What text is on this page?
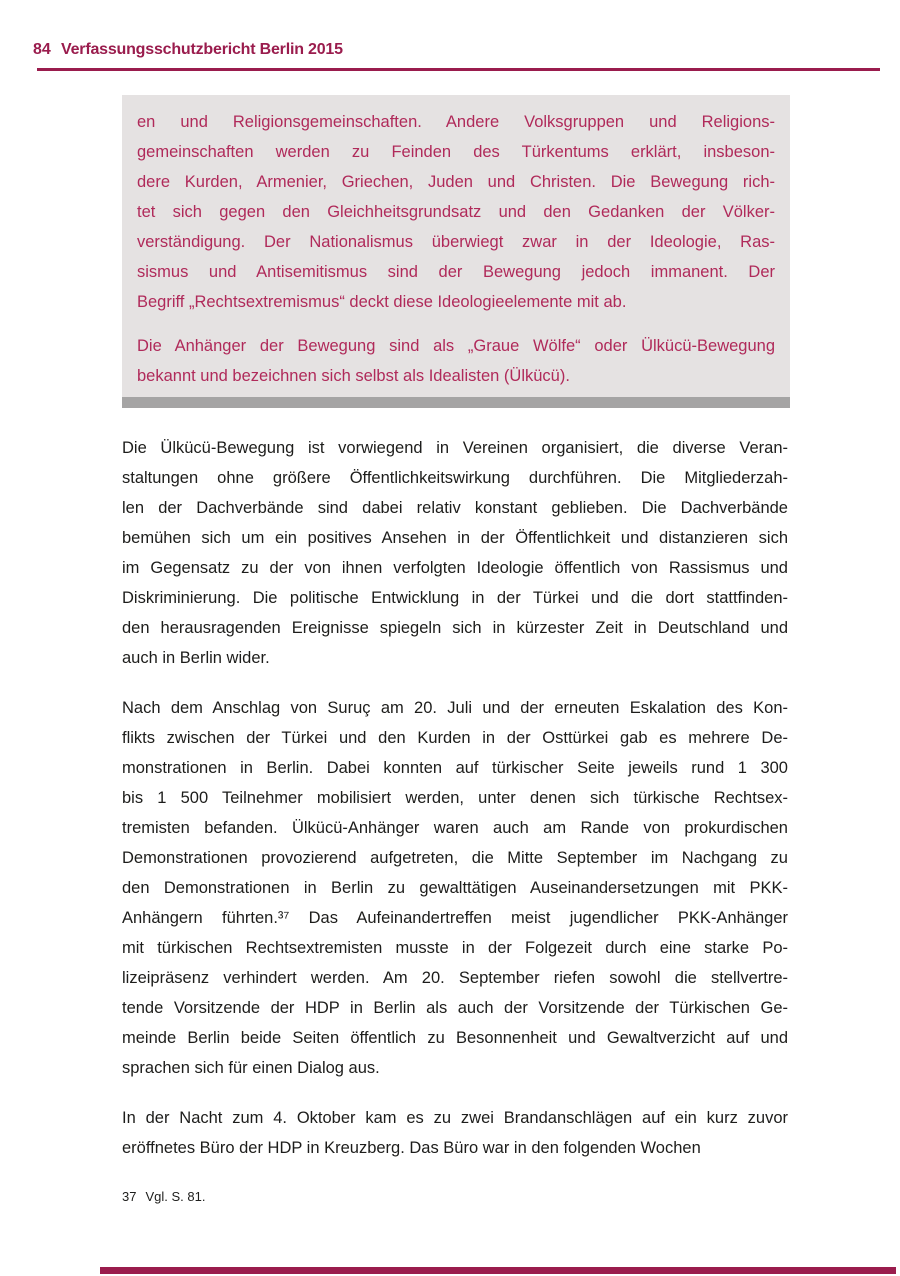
84 Verfassungsschutzbericht Berlin 2015
en und Religionsgemeinschaften. Andere Volksgruppen und Religions-
gemeinschaften werden zu Feinden des Türkentums erklärt, insbeson-
dere Kurden, Armenier, Griechen, Juden und Christen. Die Bewegung rich-
tet sich gegen den Gleichheitsgrundsatz und den Gedanken der Völker-
verständigung. Der Nationalismus überwiegt zwar in der Ideologie, Ras-
sismus und Antisemitismus sind der Bewegung jedoch immanent. Der
Begriff „Rechtsextremismus“ deckt diese Ideologieelemente mit ab.
Die Anhänger der Bewegung sind als „Graue Wölfe“ oder Ülkücü-Bewegung
bekannt und bezeichnen sich selbst als Idealisten (Ülkücü).
Die Ülkücü-Bewegung ist vorwiegend in Vereinen organisiert, die diverse Veran-
staltungen ohne größere Öffentlichkeitswirkung durchführen. Die Mitgliederzah-
len der Dachverbände sind dabei relativ konstant geblieben. Die Dachverbände
bemühen sich um ein positives Ansehen in der Öffentlichkeit und distanzieren sich
im Gegensatz zu der von ihnen verfolgten Ideologie öffentlich von Rassismus und
Diskriminierung. Die politische Entwicklung in der Türkei und die dort stattfinden-
den herausragenden Ereignisse spiegeln sich in kürzester Zeit in Deutschland und
auch in Berlin wider.
Nach dem Anschlag von Suruç am 20. Juli und der erneuten Eskalation des Kon-
flikts zwischen der Türkei und den Kurden in der Osttürkei gab es mehrere De-
monstrationen in Berlin. Dabei konnten auf türkischer Seite jeweils rund 1 300
bis 1 500 Teilnehmer mobilisiert werden, unter denen sich türkische Rechtsex-
tremisten befanden. Ülkücü-Anhänger waren auch am Rande von prokurdischen
Demonstrationen provozierend aufgetreten, die Mitte September im Nachgang zu
den Demonstrationen in Berlin zu gewalttätigen Auseinandersetzungen mit PKK-
Anhängern führten.³⁷ Das Aufeinandertreffen meist jugendlicher PKK-Anhänger
mit türkischen Rechtsextremisten musste in der Folgezeit durch eine starke Po-
lizeipräsenz verhindert werden. Am 20. September riefen sowohl die stellvertre-
tende Vorsitzende der HDP in Berlin als auch der Vorsitzende der Türkischen Ge-
meinde Berlin beide Seiten öffentlich zu Besonnenheit und Gewaltverzicht auf und
sprachen sich für einen Dialog aus.
In der Nacht zum 4. Oktober kam es zu zwei Brandanschlägen auf ein kurz zuvor
eröffnetes Büro der HDP in Kreuzberg. Das Büro war in den folgenden Wochen
37 Vgl. S. 81.
